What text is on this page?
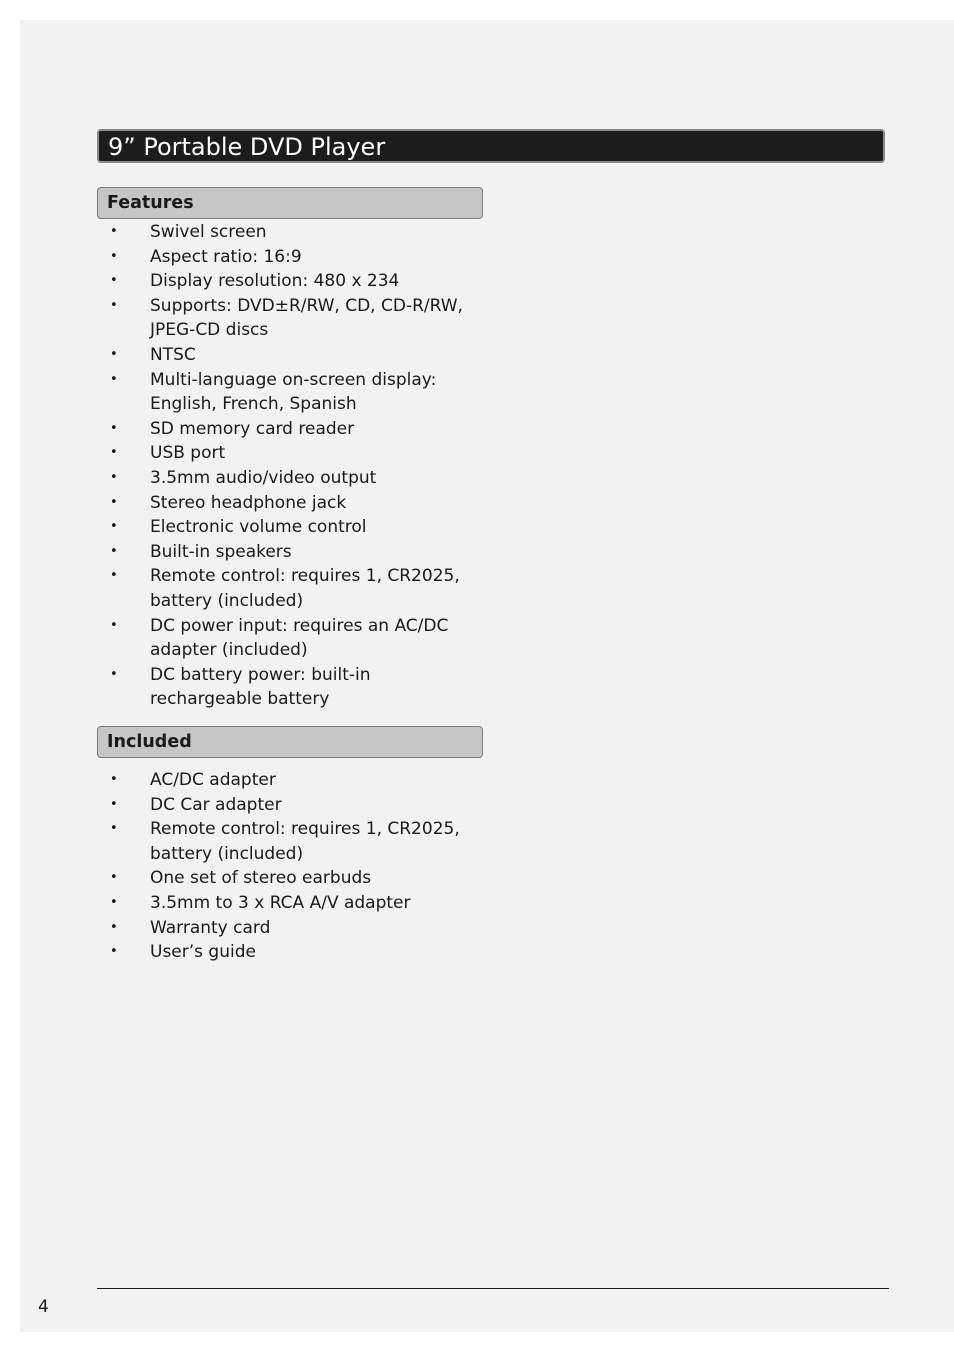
9” Portable DVD Player
Features
• Swivel screen
• Aspect ratio: 16:9
• Display resolution: 480 x 234
• Supports: DVD±R/RW, CD, CD-R/RW,
JPEG-CD discs
• NTSC
• Multi-language on-screen display:
English, French, Spanish
• SD memory card reader
• USB port
• 3.5mm audio/video output
• Stereo headphone jack
• Electronic volume control
• Built-in speakers
• Remote control: requires 1, CR2025,
battery (included)
• DC power input: requires an AC/DC
adapter (included)
• DC battery power: built-in
rechargeable battery
Included
• AC/DC adapter
• DC Car adapter
• Remote control: requires 1, CR2025,
battery (included)
• One set of stereo earbuds
• 3.5mm to 3 x RCA A/V adapter
• Warranty card
• User’s guide
4
